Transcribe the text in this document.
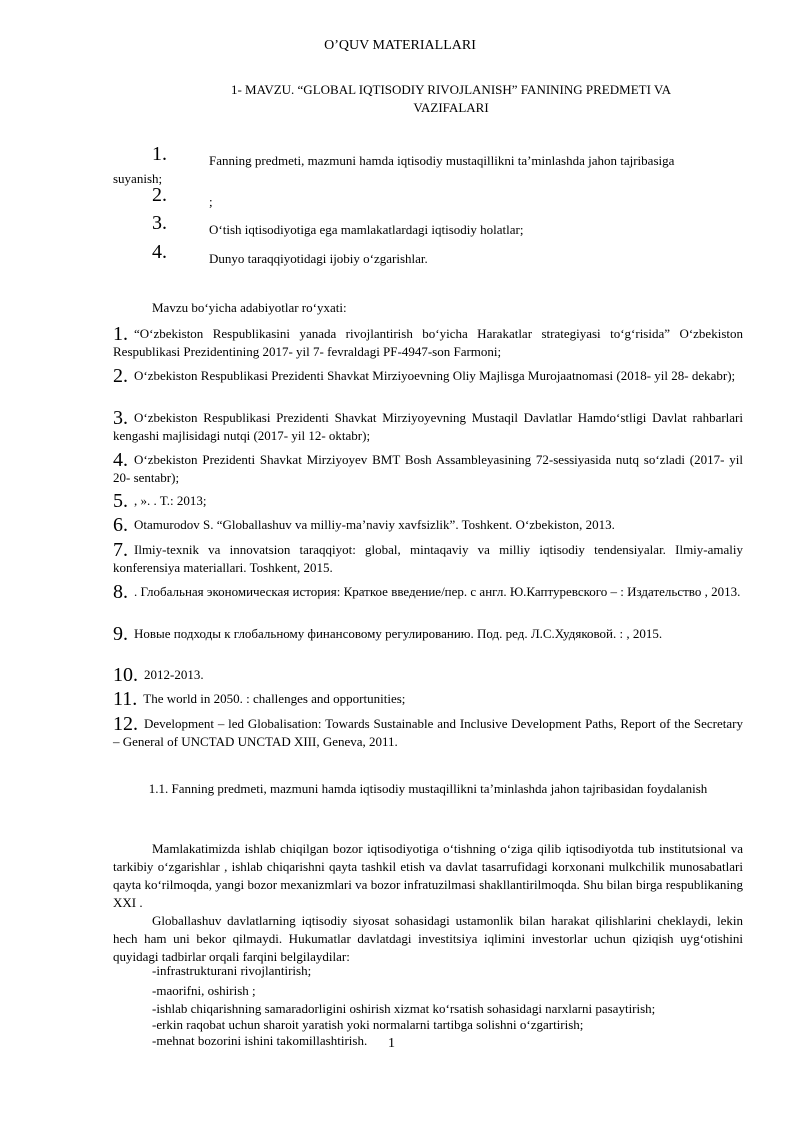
O’QUV MATERIALLARI
1- MAVZU. “GLOBAL IQTISODIY RIVOJLANISH” FANINING PREDMETI VA VAZIFALARI
1.	Fanning predmeti, mazmuni hamda iqtisodiy mustaqillikni ta’minlashda jahon tajribasiga
suyanish;
2.	;
3.	O‘tish iqtisodiyotiga ega mamlakatlardagi iqtisodiy holatlar;
4.	Dunyo taraqqiyotidagi ijobiy o‘zgarishlar.
Mavzu bo‘yicha adabiyotlar ro‘yxati:
1. “O‘zbekiston Respublikasini yanada rivojlantirish bo‘yicha Harakatlar strategiyasi to‘g‘risida” O‘zbekiston Respublikasi Prezidentining 2017- yil 7- fevraldagi PF-4947-son Farmoni;
2. O‘zbekiston Respublikasi Prezidenti Shavkat Mirziyoevning Oliy Majlisga Murojaatnomasi (2018- yil 28- dekabr);
3. O‘zbekiston Respublikasi Prezidenti Shavkat Mirziyoyevning Mustaqil Davlatlar Hamdo‘stligi Davlat rahbarlari kengashi majlisidagi nutqi (2017- yil 12- oktabr);
4. O‘zbekiston Prezidenti Shavkat Mirziyoyev BMT Bosh Assambleyasining 72-sessiyasida nutq so‘zladi (2017- yil 20- sentabr);
5. , ». . T.: 2013;
6. Otamurodov S. “Globallashuv va milliy-ma’naviy xavfsizlik”. Toshkent. O‘zbekiston, 2013.
7. Ilmiy-texnik va innovatsion taraqqiyot: global, mintaqaviy va milliy iqtisodiy tendensiyalar. Ilmiy-amaliy konferensiya materiallari. Toshkent, 2015.
8. . Глобальная экономическая история: Краткое введение/пер. с англ. Ю.Каптуревского – : Издательство , 2013.
9. Новые подходы к глобальному финансовому регулированию. Под. ред. Л.С.Худяковой. : , 2015.
10. 2012-2013.
11. The world in 2050. : challenges and opportunities;
12. Development – led Globalisation: Towards Sustainable and Inclusive Development Paths, Report of the Secretary – General of UNCTAD UNCTAD XIII, Geneva, 2011.
1.1. Fanning predmeti, mazmuni hamda iqtisodiy mustaqillikni ta’minlashda jahon tajribasidan foydalanish
Mamlakatimizda ishlab chiqilgan bozor iqtisodiyotiga o‘tishning o‘ziga qilib iqtisodiyotda tub institutsional va tarkibiy o‘zgarishlar , ishlab chiqarishni qayta tashkil etish va davlat tasarrufidagi korxonani mulkchilik munosabatlari qayta ko‘rilmoqda, yangi bozor mexanizmlari va bozor infratuzilmasi shakllantirilmoqda. Shu bilan birga respublikaning XXI .
Globallashuv davlatlarning iqtisodiy siyosat sohasidagi ustamonlik bilan harakat qilishlarini cheklaydi, lekin hech ham uni bekor qilmaydi. Hukumatlar davlatdagi investitsiya iqlimini investorlar uchun qiziqish uyg‘otishini quyidagi tadbirlar orqali farqini belgilaydilar:
-infrastrukturani rivojlantirish;
-maorifni, oshirish ;
-ishlab chiqarishning samaradorligini oshirish xizmat ko‘rsatish sohasidagi narxlarni pasaytirish;
-erkin raqobat uchun sharoit yaratish yoki normalarni tartibga solishni o‘zgartirish;
-mehnat bozorini ishini takomillashtirish. 1
